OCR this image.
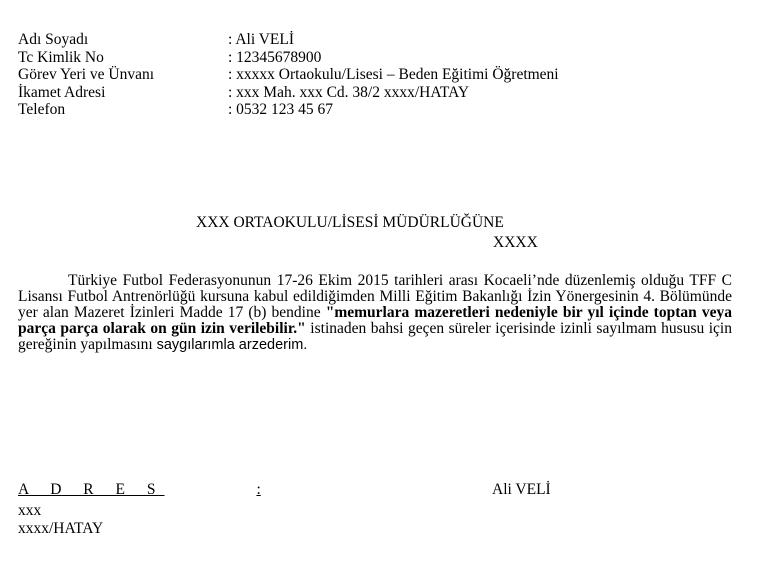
Adı Soyadı	: Ali VELİ
Tc Kimlik No	: 12345678900
Görev Yeri ve Ünvanı	: xxxxx Ortaokulu/Lisesi – Beden Eğitimi Öğretmeni
İkamet Adresi	: xxx Mah. xxx Cd. 38/2 xxxx/HATAY
Telefon	: 0532 123 45 67
XXX ORTAOKULU/LİSESİ MÜDÜRLÜĞÜNE
XXXX
Türkiye Futbol Federasyonunun 17-26 Ekim 2015 tarihleri arası Kocaeli’nde düzenlemiş olduğu TFF C Lisansı Futbol Antrenörlüğü kursuna kabul edildiğimden Milli Eğitim Bakanlığı İzin Yönergesinin 4. Bölümünde yer alan Mazeret İzinleri Madde 17 (b) bendine "memurlara mazeretleri nedeniyle bir yıl içinde toptan veya parça parça olarak on gün izin verilebilir." istinaden bahsi geçen süreler içerisinde izinli sayılmam hususu için gereğinin yapılmasını saygılarımla arzederim.
A D R E S	:	Ali VELİ
xxx
xxxx/HATAY
